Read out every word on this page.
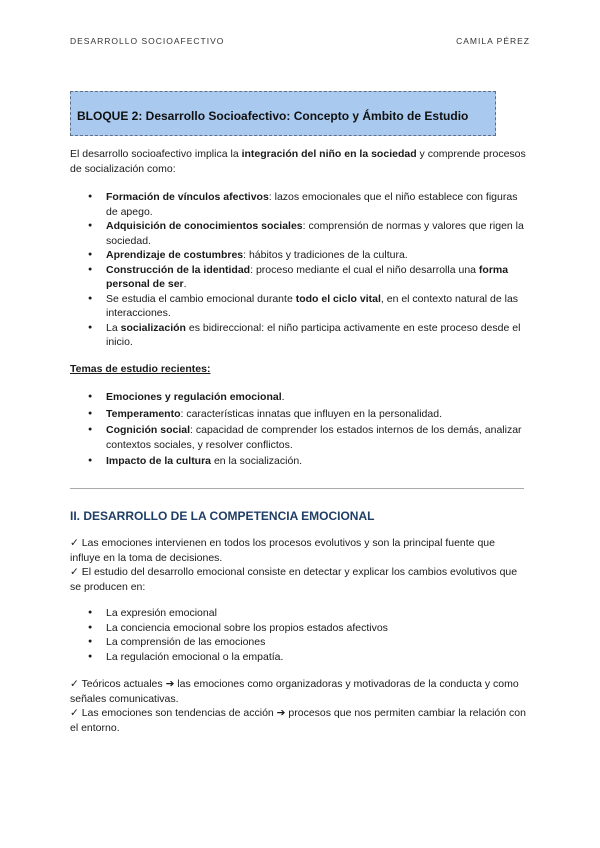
DESARROLLO SOCIOAFECTIVO	CAMILA PÉREZ
BLOQUE 2: Desarrollo Socioafectivo: Concepto y Ámbito de Estudio

El desarrollo socioafectivo implica la integración del niño en la sociedad y comprende procesos de socialización como:

● Formación de vínculos afectivos: lazos emocionales que el niño establece con figuras de apego.
● Adquisición de conocimientos sociales: comprensión de normas y valores que rigen la sociedad.
● Aprendizaje de costumbres: hábitos y tradiciones de la cultura.
● Construcción de la identidad: proceso mediante el cual el niño desarrolla una forma personal de ser.
● Se estudia el cambio emocional durante todo el ciclo vital, en el contexto natural de las interacciones.
● La socialización es bidireccional: el niño participa activamente en este proceso desde el inicio.

Temas de estudio recientes:

● Emociones y regulación emocional.
● Temperamento: características innatas que influyen en la personalidad.
● Cognición social: capacidad de comprender los estados internos de los demás, analizar contextos sociales, y resolver conflictos.
● Impacto de la cultura en la socialización.
II. DESARROLLO DE LA COMPETENCIA EMOCIONAL

✓ Las emociones intervienen en todos los procesos evolutivos y son la principal fuente que influye en la toma de decisiones.

✓ El estudio del desarrollo emocional consiste en detectar y explicar los cambios evolutivos que se producen en:

● La expresión emocional
● La conciencia emocional sobre los propios estados afectivos
● La comprensión de las emociones
● La regulación emocional o la empatía.

✓ Teóricos actuales ➔ las emociones como organizadoras y motivadoras de la conducta y como señales comunicativas.

✓ Las emociones son tendencias de acción ➔ procesos que nos permiten cambiar la relación con el entorno.
